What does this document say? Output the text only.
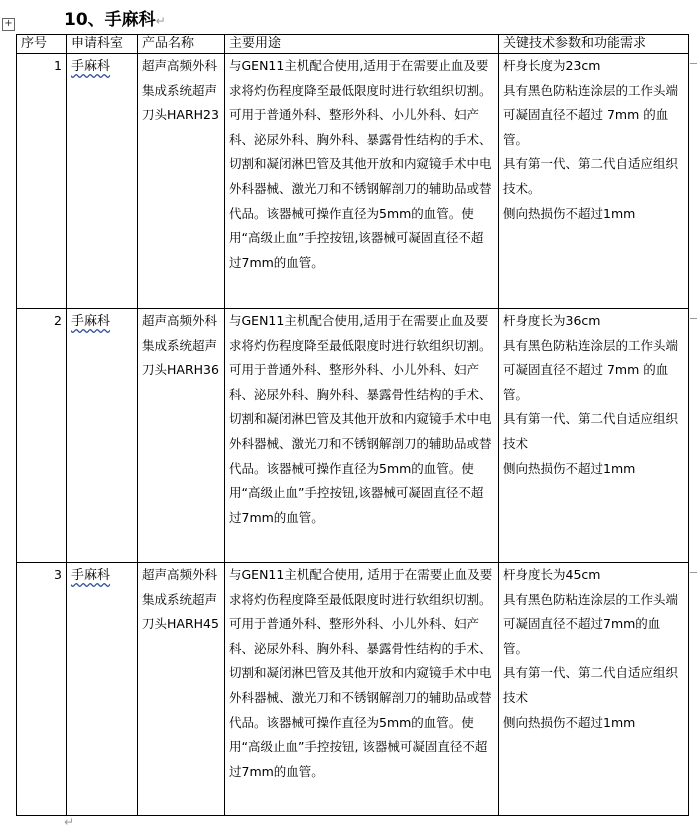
+	10、手麻科↵
序号	申请科室	产品名称	主要用途	关键技术参数和功能需求
1	手麻科	超声高频外科集成系统超声刀头HARH23	与GEN11主机配合使用,适用于在需要止血及要求将灼伤程度降至最低限度时进行软组织切割。可用于普通外科、整形外科、小儿外科、妇产科、泌尿外科、胸外科、暴露骨性结构的手术、切割和凝闭淋巴管及其他开放和内窥镜手术中电外科器械、激光刀和不锈钢解剖刀的辅助品或替代品。该器械可操作直径为5mm的血管。使用“高级止血”手控按钮,该器械可凝固直径不超过7mm的血管。	杆身长度为23cm
具有黑色防粘连涂层的工作头端
可凝固直径不超过 7mm 的血管。
具有第一代、第二代自适应组织技术。
侧向热损伤不超过1mm

2	手麻科	超声高频外科集成系统超声刀头HARH36	与GEN11主机配合使用,适用于在需要止血及要求将灼伤程度降至最低限度时进行软组织切割。可用于普通外科、整形外科、小儿外科、妇产科、泌尿外科、胸外科、暴露骨性结构的手术、切割和凝闭淋巴管及其他开放和内窥镜手术中电外科器械、激光刀和不锈钢解剖刀的辅助品或替代品。该器械可操作直径为5mm的血管。使用“高级止血”手控按钮,该器械可凝固直径不超过7mm的血管。	杆身度长为36cm
具有黑色防粘连涂层的工作头端
可凝固直径不超过 7mm 的血管。
具有第一代、第二代自适应组织技术
侧向热损伤不超过1mm

3	手麻科	超声高频外科集成系统超声刀头HARH45	与GEN11主机配合使用, 适用于在需要止血及要求将灼伤程度降至最低限度时进行软组织切割。可用于普通外科、整形外科、小儿外科、妇产科、泌尿外科、胸外科、暴露骨性结构的手术、切割和凝闭淋巴管及其他开放和内窥镜手术中电外科器械、激光刀和不锈钢解剖刀的辅助品或替代品。该器械可操作直径为5mm的血管。使用“高级止血”手控按钮, 该器械可凝固直径不超过7mm的血管。	杆身度长为45cm
具有黑色防粘连涂层的工作头端
可凝固直径不超过7mm的血管。
具有第一代、第二代自适应组织技术
侧向热损伤不超过1mm
↵
